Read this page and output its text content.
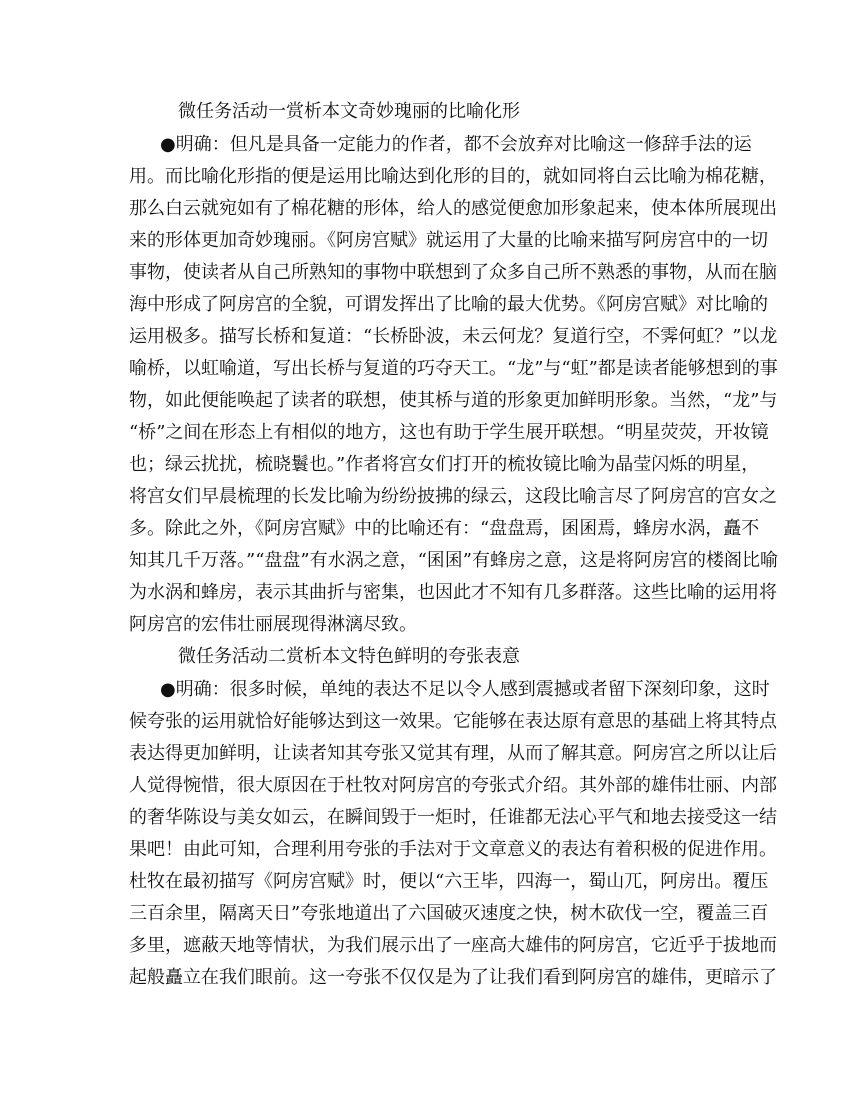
微任务活动一赏析本文奇妙瑰丽的比喻化形
●明确：但凡是具备一定能力的作者，都不会放弃对比喻这一修辞手法的运
用。而比喻化形指的便是运用比喻达到化形的目的，就如同将白云比喻为棉花糖，
那么白云就宛如有了棉花糖的形体，给人的感觉便愈加形象起来，使本体所展现出
来的形体更加奇妙瑰丽。《阿房宫赋》就运用了大量的比喻来描写阿房宫中的一切
事物，使读者从自己所熟知的事物中联想到了众多自己所不熟悉的事物，从而在脑
海中形成了阿房宫的全貌，可谓发挥出了比喻的最大优势。《阿房宫赋》对比喻的
运用极多。描写长桥和复道：“长桥卧波，未云何龙？复道行空，不霁何虹？”以龙
喻桥，以虹喻道，写出长桥与复道的巧夺天工。“龙”与“虹”都是读者能够想到的事
物，如此便能唤起了读者的联想，使其桥与道的形象更加鲜明形象。当然，“龙”与
“桥”之间在形态上有相似的地方，这也有助于学生展开联想。“明星荧荧，开妆镜
也；绿云扰扰，梳晓鬟也。”作者将宫女们打开的梳妆镜比喻为晶莹闪烁的明星，
将宫女们早晨梳理的长发比喻为纷纷披拂的绿云，这段比喻言尽了阿房宫的宫女之
多。除此之外，《阿房宫赋》中的比喻还有：“盘盘焉，囷囷焉，蜂房水涡，矗不
知其几千万落。”“盘盘”有水涡之意，“囷囷”有蜂房之意，这是将阿房宫的楼阁比喻
为水涡和蜂房，表示其曲折与密集，也因此才不知有几多群落。这些比喻的运用将
阿房宫的宏伟壮丽展现得淋漓尽致。
微任务活动二赏析本文特色鲜明的夸张表意
●明确：很多时候，单纯的表达不足以令人感到震撼或者留下深刻印象，这时
候夸张的运用就恰好能够达到这一效果。它能够在表达原有意思的基础上将其特点
表达得更加鲜明，让读者知其夸张又觉其有理，从而了解其意。阿房宫之所以让后
人觉得惋惜，很大原因在于杜牧对阿房宫的夸张式介绍。其外部的雄伟壮丽、内部
的奢华陈设与美女如云，在瞬间毁于一炬时，任谁都无法心平气和地去接受这一结
果吧！由此可知，合理利用夸张的手法对于文章意义的表达有着积极的促进作用。
杜牧在最初描写《阿房宫赋》时，便以“六王毕，四海一，蜀山兀，阿房出。覆压
三百余里，隔离天日”夸张地道出了六国破灭速度之快，树木砍伐一空，覆盖三百
多里，遮蔽天地等情状，为我们展示出了一座高大雄伟的阿房宫，它近乎于拔地而
起般矗立在我们眼前。这一夸张不仅仅是为了让我们看到阿房宫的雄伟，更暗示了
